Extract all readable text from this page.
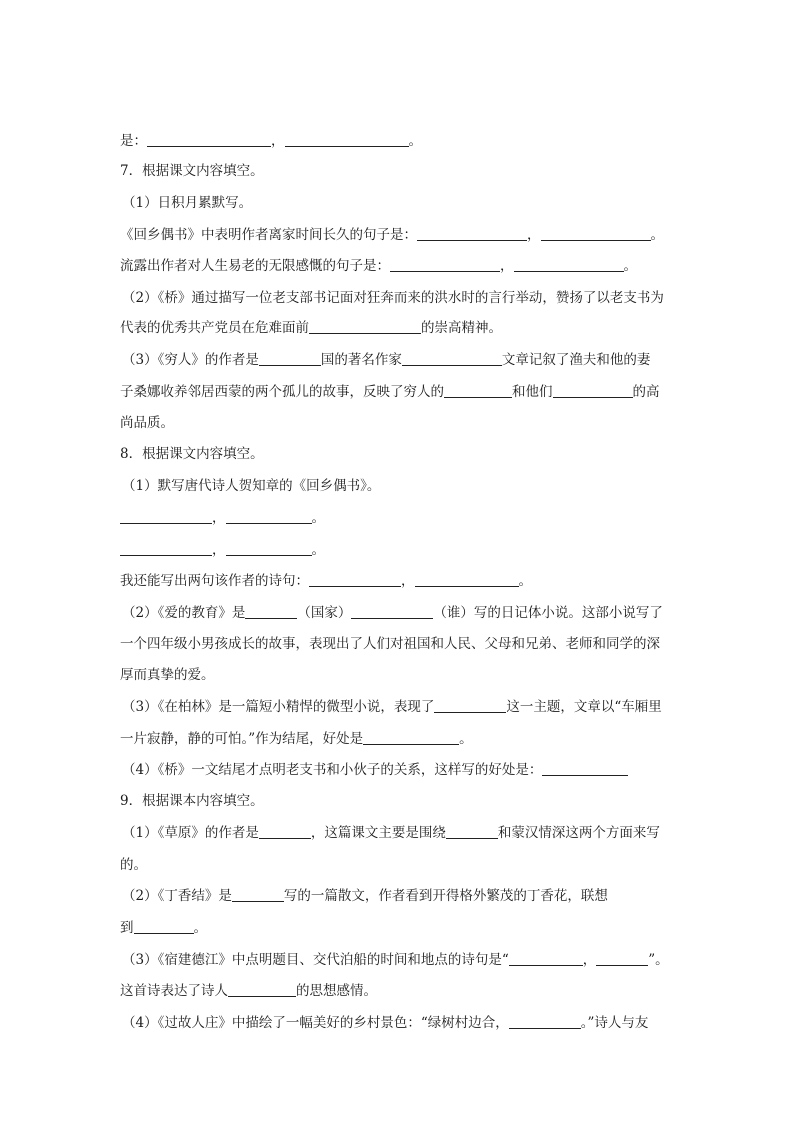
是：	，	。
7．根据课文内容填空。
（1）日积月累默写。
《回乡偶书》中表明作者离家时间长久的句子是：	，	。
流露出作者对人生易老的无限感慨的句子是：	，	。
（2）《桥》通过描写一位老支部书记面对狂奔而来的洪水时的言行举动，赞扬了以老支书为
代表的优秀共产党员在危难面前	的崇高精神。
（3）《穷人》的作者是	国的著名作家	文章记叙了渔夫和他的妻
子桑娜收养邻居西蒙的两个孤儿的故事，反映了穷人的	和他们	的高
尚品质。
8．根据课文内容填空。
（1）默写唐代诗人贺知章的《回乡偶书》。
，	。
，	。
我还能写出两句该作者的诗句：	，	。
（2）《爱的教育》是	（国家）	（谁）写的日记体小说。这部小说写了
一个四年级小男孩成长的故事，表现出了人们对祖国和人民、父母和兄弟、老师和同学的深
厚而真挚的爱。
（3）《在柏林》是一篇短小精悍的微型小说，表现了	这一主题，文章以“车厢里
一片寂静，静的可怕。”作为结尾，好处是	。
（4）《桥》一文结尾才点明老支书和小伙子的关系，这样写的好处是：
9．根据课本内容填空。
（1）《草原》的作者是	，这篇课文主要是围绕	和蒙汉情深这两个方面来写
的。
（2）《丁香结》是	写的一篇散文，作者看到开得格外繁茂的丁香花，联想
到	。
（3）《宿建德江》中点明题目、交代泊船的时间和地点的诗句是“	，	”。
这首诗表达了诗人	的思想感情。
（4）《过故人庄》中描绘了一幅美好的乡村景色：“绿树村边合，	。”诗人与友
